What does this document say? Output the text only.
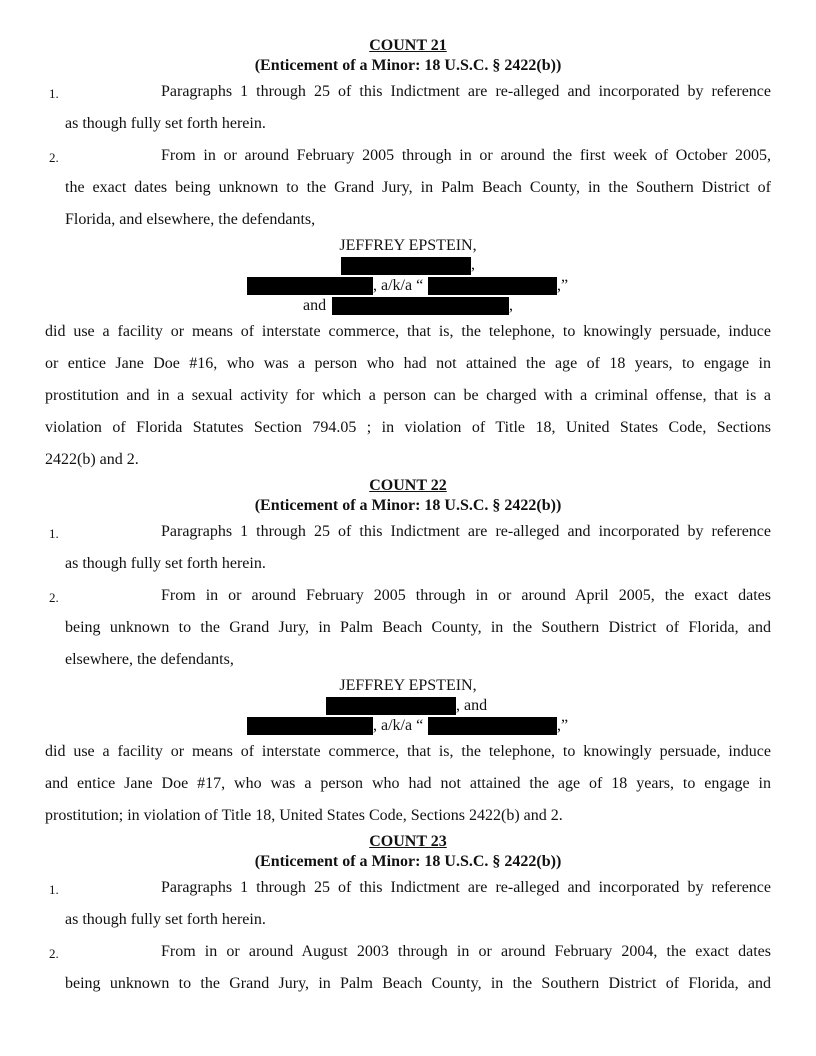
COUNT 21
(Enticement of a Minor: 18 U.S.C. § 2422(b))
1.	Paragraphs 1 through 25 of this Indictment are re-alleged and incorporated by reference
as though fully set forth herein.
2.	From in or around February 2005 through in or around the first week of October 2005,
the exact dates being unknown to the Grand Jury, in Palm Beach County, in the Southern District of
Florida, and elsewhere, the defendants,
JEFFREY EPSTEIN,
,
, a/k/a “	,”
and	,
did use a facility or means of interstate commerce, that is, the telephone, to knowingly persuade, induce
or entice Jane Doe #16, who was a person who had not attained the age of 18 years, to engage in
prostitution and in a sexual activity for which a person can be charged with a criminal offense, that is a
violation of Florida Statutes Section 794.05 ; in violation of Title 18, United States Code, Sections
2422(b) and 2.
COUNT 22
(Enticement of a Minor: 18 U.S.C. § 2422(b))
1.	Paragraphs 1 through 25 of this Indictment are re-alleged and incorporated by reference
as though fully set forth herein.
2.	From in or around February 2005 through in or around April 2005, the exact dates
being unknown to the Grand Jury, in Palm Beach County, in the Southern District of Florida, and
elsewhere, the defendants,
JEFFREY EPSTEIN,
, and
, a/k/a “	,”
did use a facility or means of interstate commerce, that is, the telephone, to knowingly persuade, induce
and entice Jane Doe #17, who was a person who had not attained the age of 18 years, to engage in
prostitution; in violation of Title 18, United States Code, Sections 2422(b) and 2.
COUNT 23
(Enticement of a Minor: 18 U.S.C. § 2422(b))
1.	Paragraphs 1 through 25 of this Indictment are re-alleged and incorporated by reference
as though fully set forth herein.
2.	From in or around August 2003 through in or around February 2004, the exact dates
being unknown to the Grand Jury, in Palm Beach County, in the Southern District of Florida, and
